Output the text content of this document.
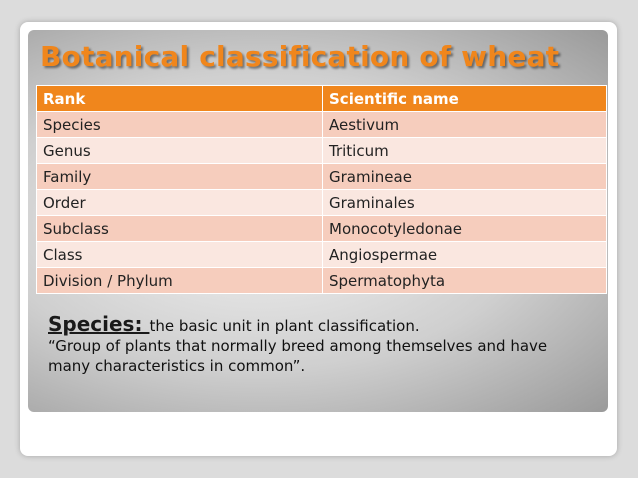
Botanical classification of wheat
Rank	Scientific name
Species	Aestivum
Genus	Triticum
Family	Gramineae
Order	Graminales
Subclass	Monocotyledonae
Class	Angiospermae
Division / Phylum	Spermatophyta
Species: the basic unit in plant classification.
“Group of plants that normally breed among themselves and have
many characteristics in common”.
